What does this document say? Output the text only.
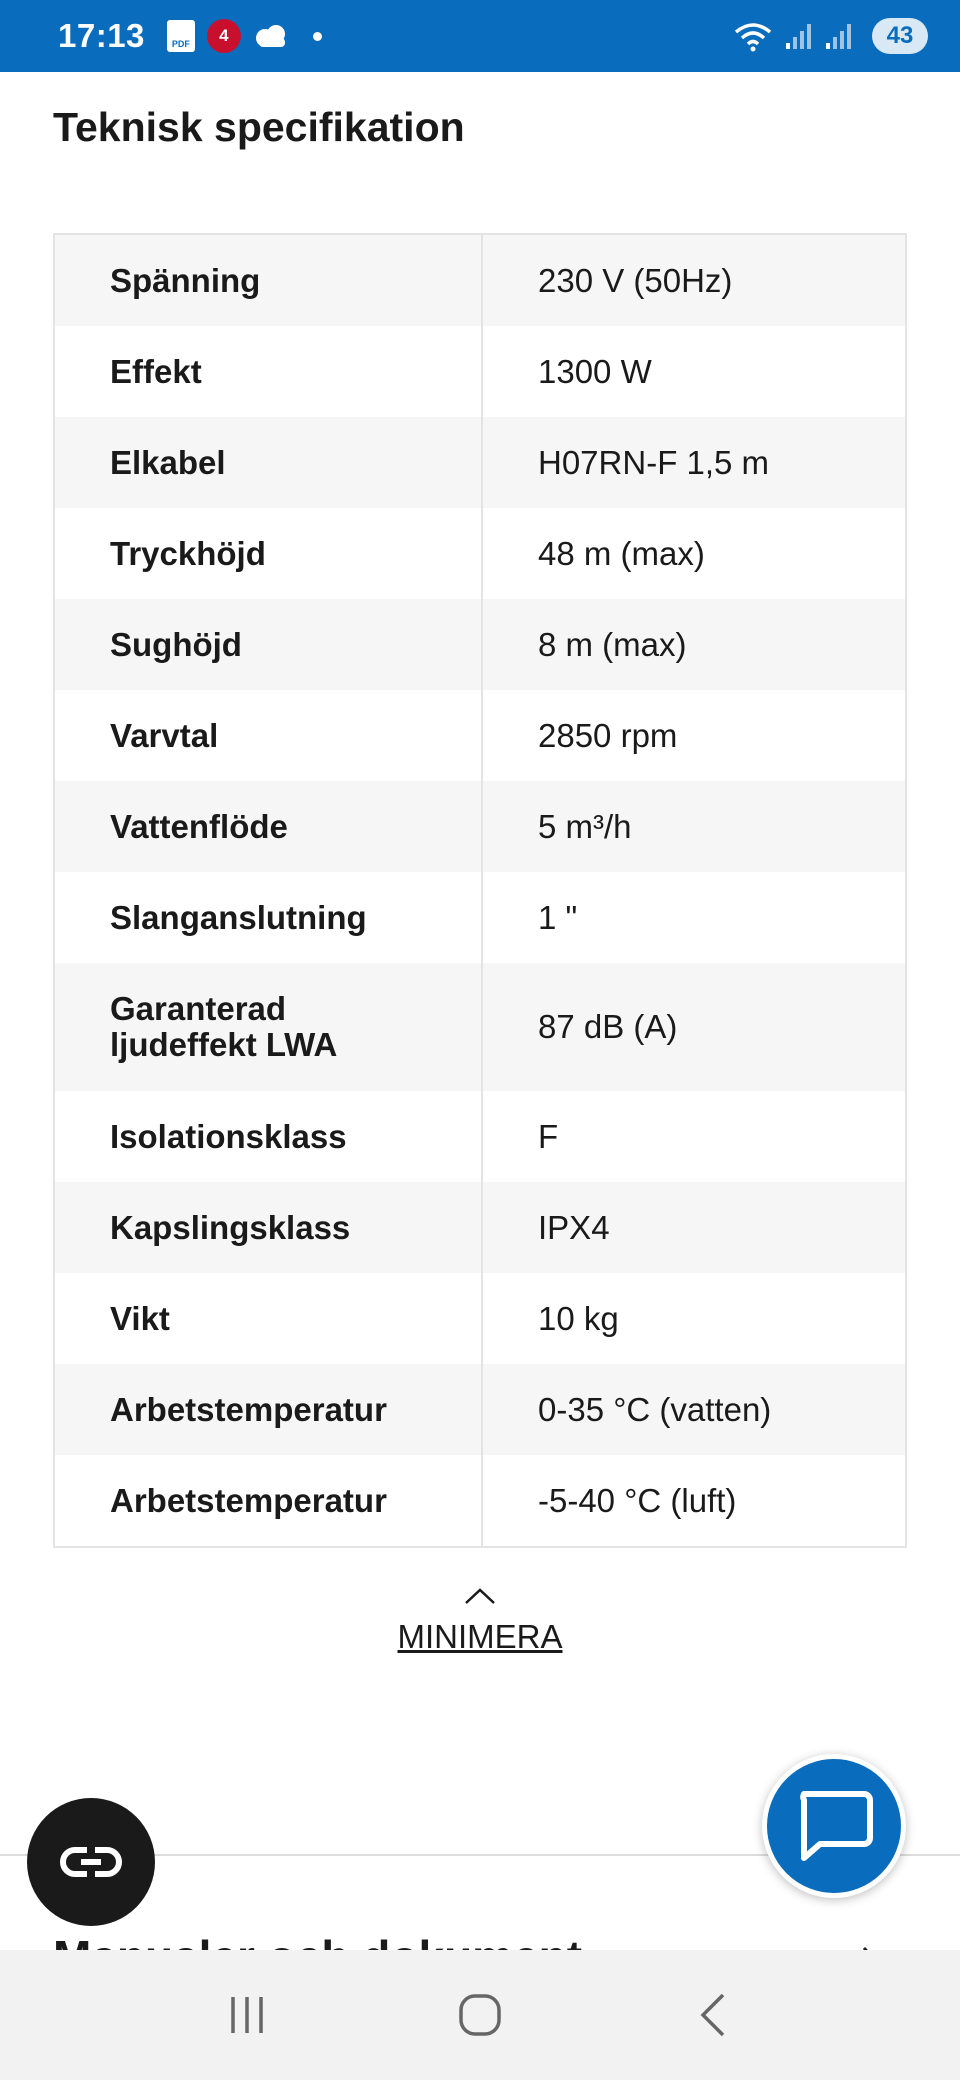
17:13	PDF 4	43
Teknisk specifikation
Spänning	230 V (50Hz)
Effekt	1300 W
Elkabel	H07RN-F 1,5 m
Tryckhöjd	48 m (max)
Sughöjd	8 m (max)
Varvtal	2850 rpm
Vattenflöde	5 m³/h
Slanganslutning	1 "
Garanterad ljudeffekt LWA	87 dB (A)
Isolationsklass	F
Kapslingsklass	IPX4
Vikt	10 kg
Arbetstemperatur	0-35 °C (vatten)
Arbetstemperatur	-5-40 °C (luft)
MINIMERA
